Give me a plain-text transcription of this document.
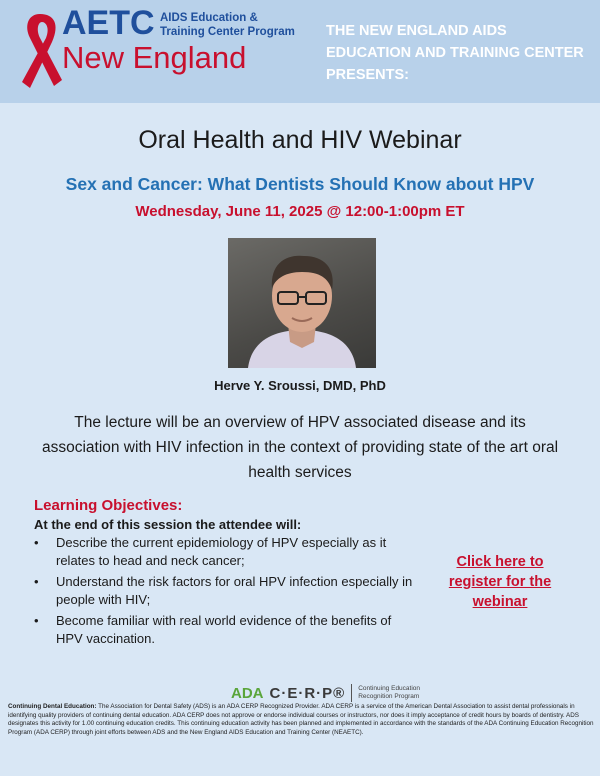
AETC AIDS Education &
Training Center Program
New England
THE NEW ENGLAND AIDS EDUCATION AND TRAINING CENTER PRESENTS:
Oral Health and HIV Webinar
Sex and Cancer: What Dentists Should Know about HPV
Wednesday, June 11, 2025 @ 12:00-1:00pm ET
Herve Y. Sroussi, DMD, PhD
The lecture will be an overview of HPV associated disease and its association with HIV infection in the context of providing state of the art oral health services
Learning Objectives:
At the end of this session the attendee will:
• Describe the current epidemiology of HPV especially as it relates to head and neck cancer;
• Understand the risk factors for oral HPV infection especially in people with HIV;
• Become familiar with real world evidence of the benefits of HPV vaccination.
Click here to register for the webinar
ADA C·E·R·P® Continuing Education Recognition Program
Continuing Dental Education: The Association for Dental Safety (ADS) is an ADA CERP Recognized Provider. ADA CERP is a service of the American Dental Association to assist dental professionals in identifying quality providers of continuing dental education. ADA CERP does not approve or endorse individual courses or instructors, nor does it imply acceptance of credit hours by boards of dentistry. ADS designates this activity for 1.00 continuing education credits. This continuing education activity has been planned and implemented in accordance with the standards of the ADA Continuing Education Recognition Program (ADA CERP) through joint efforts between ADS and the New England AIDS Education and Training Center (NEAETC).
